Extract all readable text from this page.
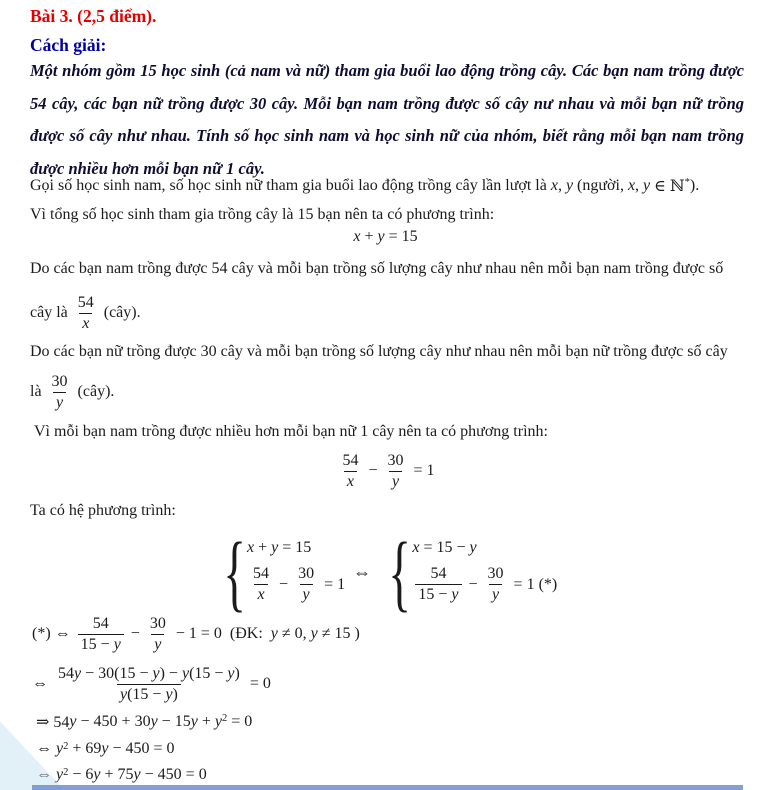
Bài 3. (2,5 điểm).
Cách giải:
Một nhóm gồm 15 học sinh (cả nam và nữ) tham gia buổi lao động trồng cây. Các bạn nam trồng được 54 cây, các bạn nữ trồng được 30 cây. Mỗi bạn nam trồng được số cây nư nhau và mỗi bạn nữ trồng được số cây như nhau. Tính số học sinh nam và học sinh nữ của nhóm, biết rằng mỗi bạn nam trồng được nhiều hơn mỗi bạn nữ 1 cây.
Gọi số học sinh nam, số học sinh nữ tham gia buổi lao động trồng cây lần lượt là x, y (người, x, y ∈ ℕ * ).
Vì tổng số học sinh tham gia trồng cây là 15 bạn nên ta có phương trình:
x + y = 15
Do các bạn nam trồng được 54 cây và mỗi bạn trồng số lượng cây như nhau nên mỗi bạn nam trồng được số
cây là $\frac{54}{x}$ (cây).
Do các bạn nữ trồng được 30 cây và mỗi bạn trồng số lượng cây như nhau nên mỗi bạn nữ trồng được số cây
là $\frac{30}{y}$ (cây).
Vì mỗi bạn nam trồng được nhiều hơn mỗi bạn nữ 1 cây nên ta có phương trình:
$\frac{54}{x} - \frac{30}{y} = 1$
Ta có hệ phương trình:
{ x + y = 15
$\frac{54}{x} - \frac{30}{y} = 1$
⇔ { x = 15 − y
$\frac{54}{15 - y} - \frac{30}{y} = 1$ (*)
(*) ⇔ $\frac{54}{15 - y} - \frac{30}{y} - 1 = 0$  (ĐK: y ≠ 0, y ≠ 15 )
⇔ $\frac{54 y - 30(15 - y ) - y (15 - y )}{y (15 - y )} = 0$
⇒ 54 y − 450 + 30 y − 15 y + y 2 = 0
⇔ y 2 + 69 y − 450 = 0
⇔ y 2 − 6 y + 75 y − 450 = 0
